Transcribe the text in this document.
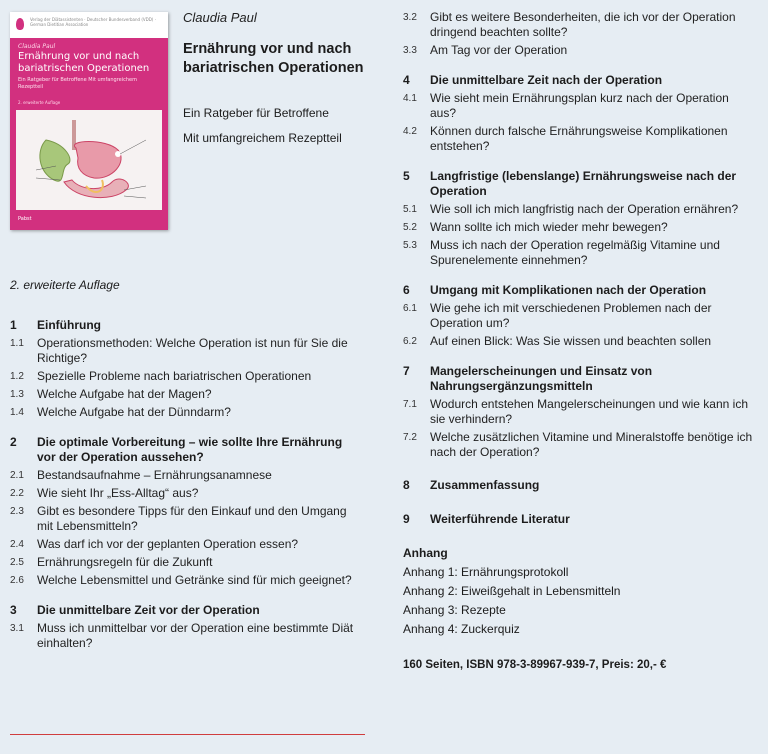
Verlag der Diätassistenten · Deutscher Bundesverband (VDD) · German Dietitian Association
Claudia Paul
Ernährung vor und nach bariatrischen Operationen
Ein Ratgeber für Betroffene Mit umfangreichem Rezeptteil
2. erweiterte Auflage
Pabst
Claudia Paul
Ernährung vor und nach bariatrischen Operationen
Ein Ratgeber für Betroffene
Mit umfangreichem Rezeptteil
2. erweiterte Auflage
1	Einführung
1.1	Operationsmethoden: Welche Operation ist nun für Sie die Richtige?
1.2	Spezielle Probleme nach bariatrischen Operationen
1.3	Welche Aufgabe hat der Magen?
1.4	Welche Aufgabe hat der Dünndarm?
2	Die optimale Vorbereitung – wie sollte Ihre Ernährung vor der Operation aussehen?
2.1	Bestandsaufnahme – Ernährungsanamnese
2.2	Wie sieht Ihr „Ess-Alltag“ aus?
2.3	Gibt es besondere Tipps für den Einkauf und den Umgang mit Lebensmitteln?
2.4	Was darf ich vor der geplanten Operation essen?
2.5	Ernährungsregeln für die Zukunft
2.6	Welche Lebensmittel und Getränke sind für mich geeignet?
3	Die unmittelbare Zeit vor der Operation
3.1	Muss ich unmittelbar vor der Operation eine bestimmte Diät einhalten?
3.2	Gibt es weitere Besonderheiten, die ich vor der Operation dringend beachten sollte?
3.3	Am Tag vor der Operation
4	Die unmittelbare Zeit nach der Operation
4.1	Wie sieht mein Ernährungsplan kurz nach der Operation aus?
4.2	Können durch falsche Ernährungsweise Komplikationen entstehen?
5	Langfristige (lebenslange) Ernährungsweise nach der Operation
5.1	Wie soll ich mich langfristig nach der Operation ernähren?
5.2	Wann sollte ich mich wieder mehr bewegen?
5.3	Muss ich nach der Operation regelmäßig Vitamine und Spurenelemente einnehmen?
6	Umgang mit Komplikationen nach der Operation
6.1	Wie gehe ich mit verschiedenen Problemen nach der Operation um?
6.2	Auf einen Blick: Was Sie wissen und beachten sollen
7	Mangelerscheinungen und Einsatz von Nahrungsergänzungsmitteln
7.1	Wodurch entstehen Mangelerscheinungen und wie kann ich sie verhindern?
7.2	Welche zusätzlichen Vitamine und Mineralstoffe benötige ich nach der Operation?
8	Zusammenfassung
9	Weiterführende Literatur
Anhang
Anhang 1: Ernährungsprotokoll
Anhang 2: Eiweißgehalt in Lebensmitteln
Anhang 3: Rezepte
Anhang 4: Zuckerquiz
160 Seiten, ISBN 978-3-89967-939-7, Preis: 20,- €
